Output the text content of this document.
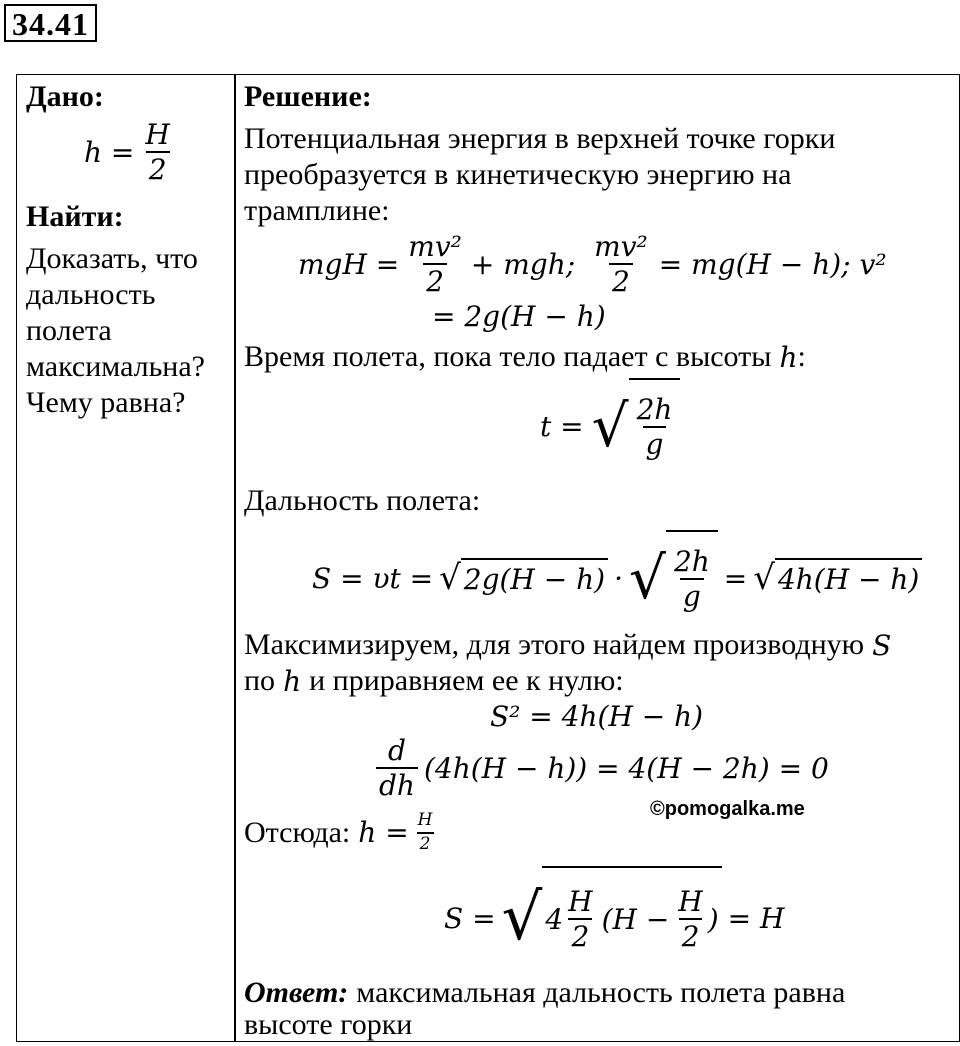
34.41
Дано:
$h = \frac{H}{2}$
Найти:
Доказать, что
дальность
полета
максимальна?
Чему равна?
Решение:
Потенциальная энергия в верхней точке горки
преобразуется в кинетическую энергию на
трамплине:
mgH = $\frac{\text{mv²}}{2}$ + mgh; $\frac{\text{mv²}}{2} = mg(H - h)$; v²
= 2g(H − h)
Время полета, пока тело падает с высоты h :
t = √ $\frac{2h}{g}$
Дальность полета:
S = υt = √ 2g(H − h) · √ $\frac{2h}{g}$ = √ 4h(H − h)
Максимизируем, для этого найдем производную S
по h и приравняем ее к нулю:
S² = 4h(H − h)
$\frac{d}{dh} (4h(H - h)) = 4(H - 2h) = 0$
©pomogalka.me
Отсюда: $h = \frac{H}{2}$
S = √ $4 \frac{H}{2} (H - \frac{H}{2}$ ) = H
Ответ: максимальная дальность полета равна
высоте горки
